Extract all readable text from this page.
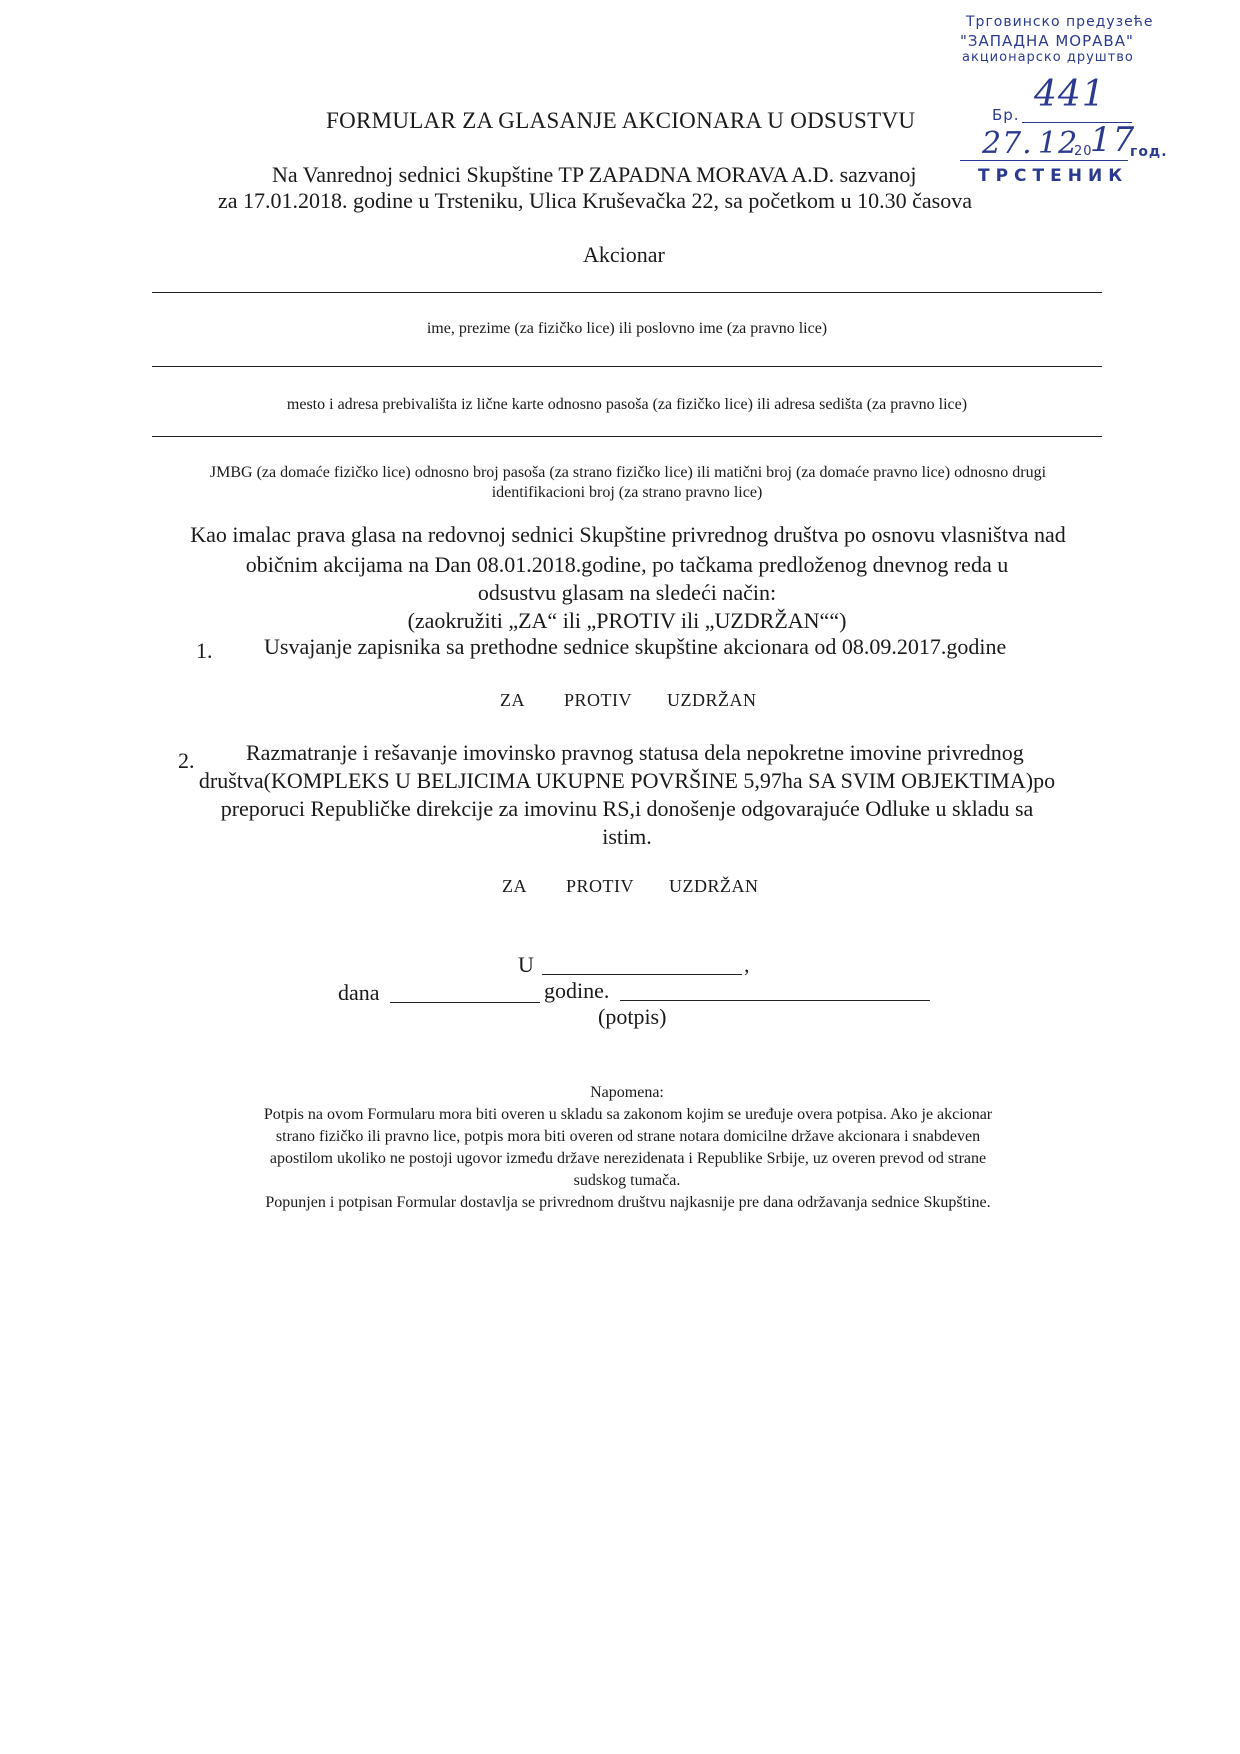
Трговинско предузеће
"ЗАПАДНА МОРАВА"
акционарско друштво
Бр. 441
27. 12
20
17
год.
ТРСТЕНИК
FORMULAR ZA GLASANJE AKCIONARA U ODSUSTVU
Na Vanrednoj sednici Skupštine TP ZAPADNA MORAVA A.D. sazvanoj
za 17.01.2018. godine u Trsteniku, Ulica Kruševačka 22, sa početkom u 10.30 časova
Akcionar
ime, prezime (za fizičko lice) ili poslovno ime (za pravno lice)
mesto i adresa prebivališta iz lične karte odnosno pasoša (za fizičko lice) ili adresa sedišta (za pravno lice)
JMBG (za domaće fizičko lice) odnosno broj pasoša (za strano fizičko lice) ili matični broj (za domaće pravno lice) odnosno drugi
identifikacioni broj (za strano pravno lice)
Kao imalac prava glasa na redovnoj sednici Skupštine privrednog društva po osnovu vlasništva nad
običnim akcijama na Dan 08.01.2018.godine, po tačkama predloženog dnevnog reda u
odsustvu glasam na sledeći način:
(zaokružiti „ZA“ ili „PROTIV ili „UZDRŽAN““)
1. Usvajanje zapisnika sa prethodne sednice skupštine akcionara od 08.09.2017.godine
ZA PROTIV UZDRŽAN
2. Razmatranje i rešavanje imovinsko pravnog statusa dela nepokretne imovine privrednog
društva(KOMPLEKS U BELJICIMA UKUPNE POVRŠINE 5,97ha SA SVIM OBJEKTIMA)po
preporuci Republičke direkcije za imovinu RS,i donošenje odgovarajuće Odluke u skladu sa
istim.
ZA PROTIV UZDRŽAN
U	,
dana	godine.
(potpis)
Napomena:
Potpis na ovom Formularu mora biti overen u skladu sa zakonom kojim se uređuje overa potpisa. Ako je akcionar
strano fizičko ili pravno lice, potpis mora biti overen od strane notara domicilne države akcionara i snabdeven
apostilom ukoliko ne postoji ugovor između države nerezidenata i Republike Srbije, uz overen prevod od strane
sudskog tumača.
Popunjen i potpisan Formular dostavlja se privrednom društvu najkasnije pre dana održavanja sednice Skupštine.
